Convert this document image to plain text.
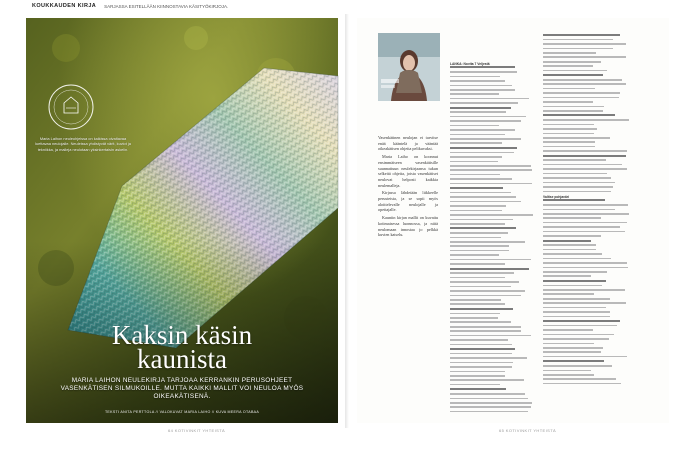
KOUKKAUDEN KIRJA SARJASSA ESITELLÄÄN KIINNOSTAVIA KÄSITYÖKIRJOJA.
Maria Laihon neuleohjeissa on kaikissa oivaltavaa luettavaa neulojalle. Neuleissa yhdistyvät värit, kuviot ja tekniikka, ja malleja neulotaan yksinkertaisin askelin.
Kaksin käsin
kaunista
MARIA LAIHON NEULEKIRJA TARJOAA KERRANKIN PERUSOHJEET VASENKÄTISEN SILMUKOILLE. MUTTA KAIKKI MALLIT VOI NEULOA MYÖS OIKEAKÄTISENÄ.
TEKSTI ANITA PERTTOLA // VALOKUVAT MARIA LAIHO // KUVA MEERA OTABAA
64 KOTIVINKIT YHTEISTÄ

Vasenkätinen neulojan ei tarvitse enää kääntelä ja vääntää oikeakätisen ohjeita pelikuvaksi.

Maria Laiho on koonnut ensimmäiseen vasenkätisille suunnattuun neulekirjaansa tukun selkeitä ohjeita, joista vasenkätiset neulovat helposti kaikkia neulemalleja.

Kirjassa lähdetään liikkeelle perusteista, ja se sopii myös aloittelevalle neulojalle ja opettajalle.

Kauniin kirjan mallit on kuvattu kotimaisessa luonnossa, ja niitä neulomaan innostaa jo pelkkä kuvien katselu.

LANKA: Novita 7 Veljestä
Valitse pohjaväri
65 KOTIVINKIT YHTEISTÄ
